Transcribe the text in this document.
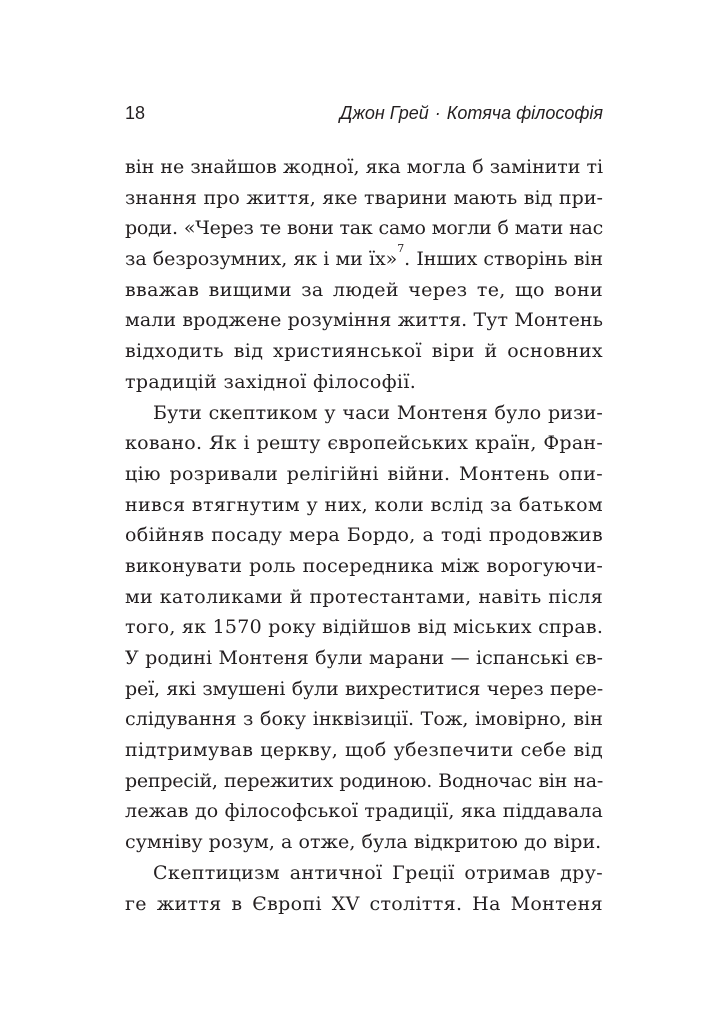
18	Джон Грей · Котяча філософія
він не знайшов жодної, яка могла б замінити ті
знання про життя, яке тварини мають від при-
роди. «Через те вони так само могли б мати нас
за безрозумних, як і ми їх»$^7$. Інших створінь він
вважав вищими за людей через те, що вони
мали вроджене розуміння життя. Тут Монтень
відходить від християнської віри й основних
традицій західної філософії.
Бути скептиком у часи Монтеня було ризи-
ковано. Як і решту європейських країн, Фран-
цію розривали релігійні війни. Монтень опи-
нився втягнутим у них, коли вслід за батьком
обійняв посаду мера Бордо, а тоді продовжив
виконувати роль посередника між ворогуючи-
ми католиками й протестантами, навіть після
того, як 1570 року відійшов від міських справ.
У родині Монтеня були марани — іспанські єв-
реї, які змушені були вихреститися через пере-
слідування з боку інквізиції. Тож, імовірно, він
підтримував церкву, щоб убезпечити себе від
репресій, пережитих родиною. Водночас він на-
лежав до філософської традиції, яка піддавала
сумніву розум, а отже, була відкритою до віри.
Скептицизм античної Греції отримав дру-
ге життя в Європі XV століття. На Монтеня
